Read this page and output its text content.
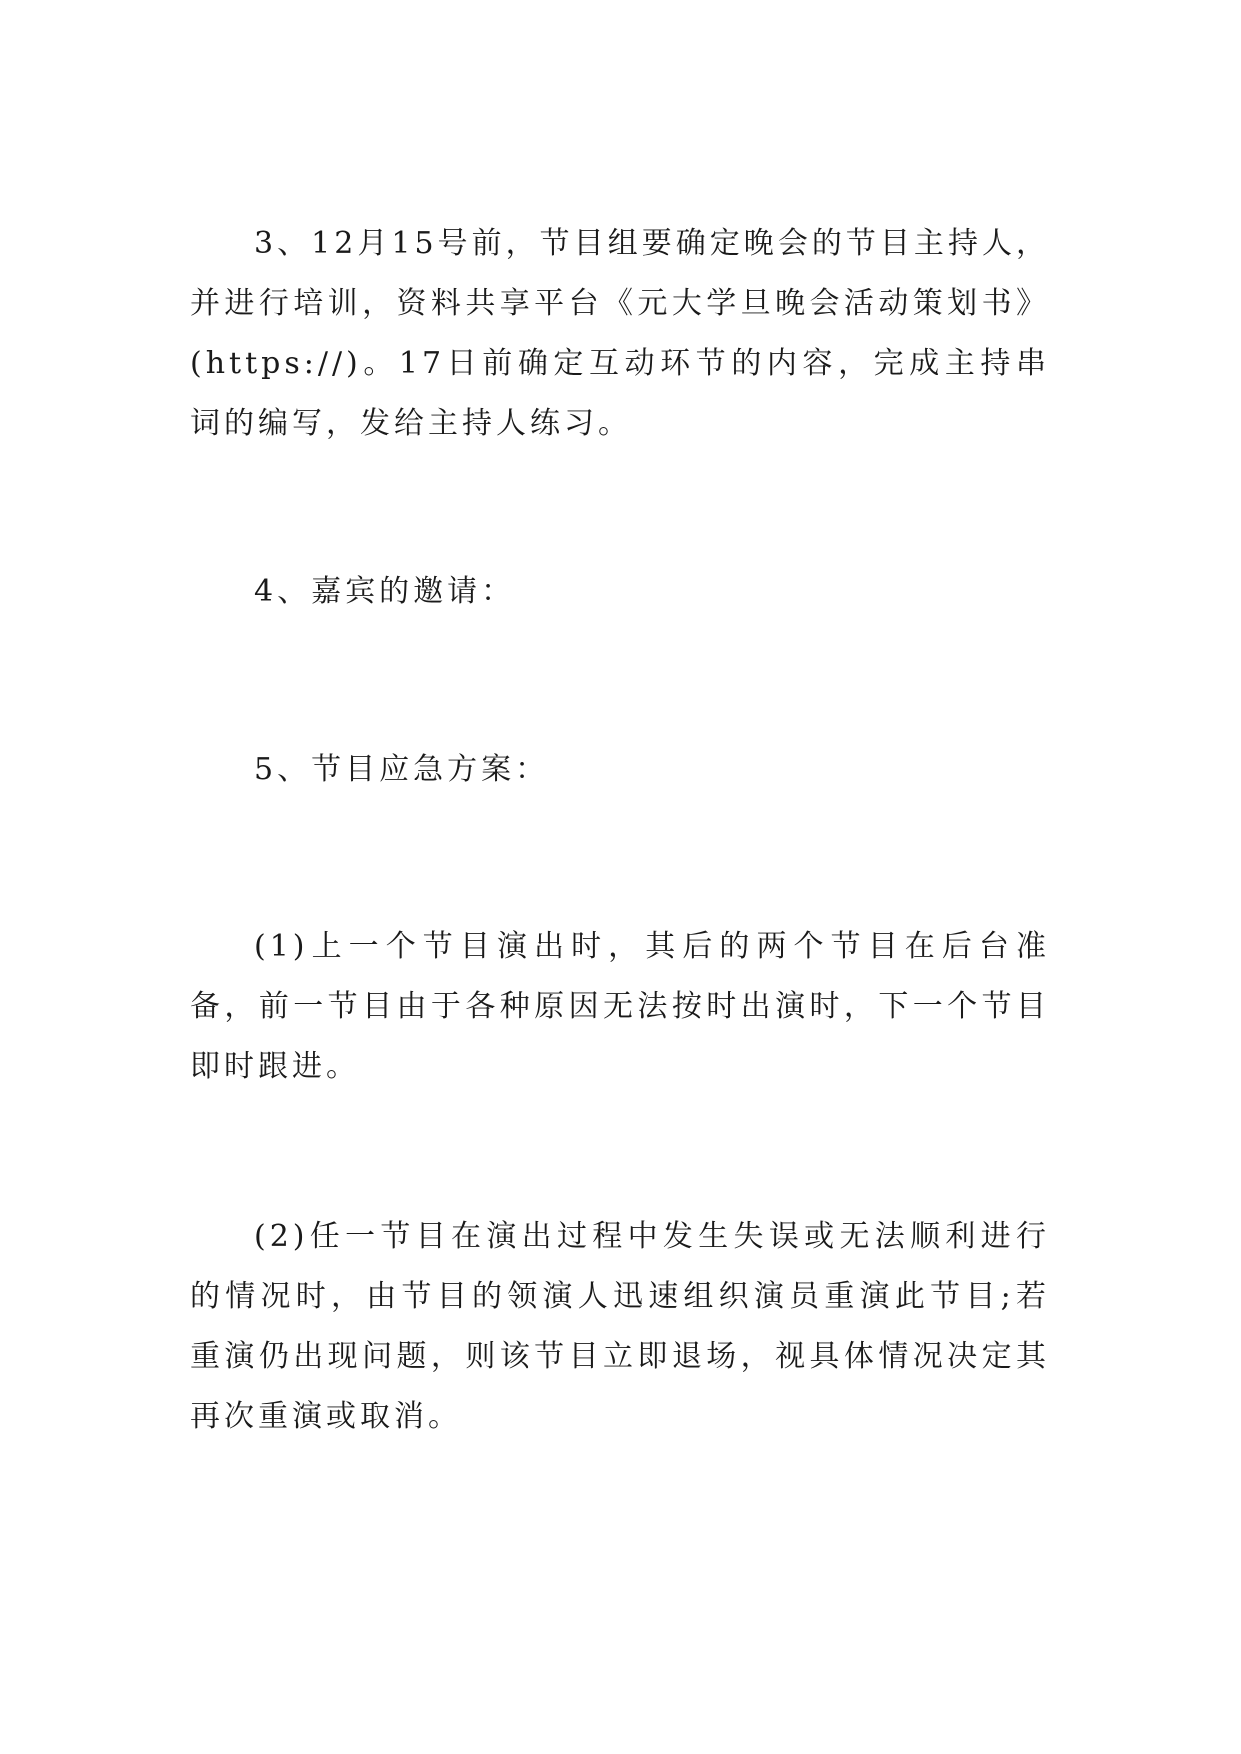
3、12月15号前，节目组要确定晚会的节目主持人，并进行培训，资料共享平台《元大学旦晚会活动策划书》(https://)。17日前确定互动环节的内容，完成主持串词的编写，发给主持人练习。

4、嘉宾的邀请：

5、节目应急方案：

(1)上一个节目演出时，其后的两个节目在后台准备，前一节目由于各种原因无法按时出演时，下一个节目即时跟进。

(2)任一节目在演出过程中发生失误或无法顺利进行的情况时，由节目的领演人迅速组织演员重演此节目;若重演仍出现问题，则该节目立即退场，视具体情况决定其再次重演或取消。
